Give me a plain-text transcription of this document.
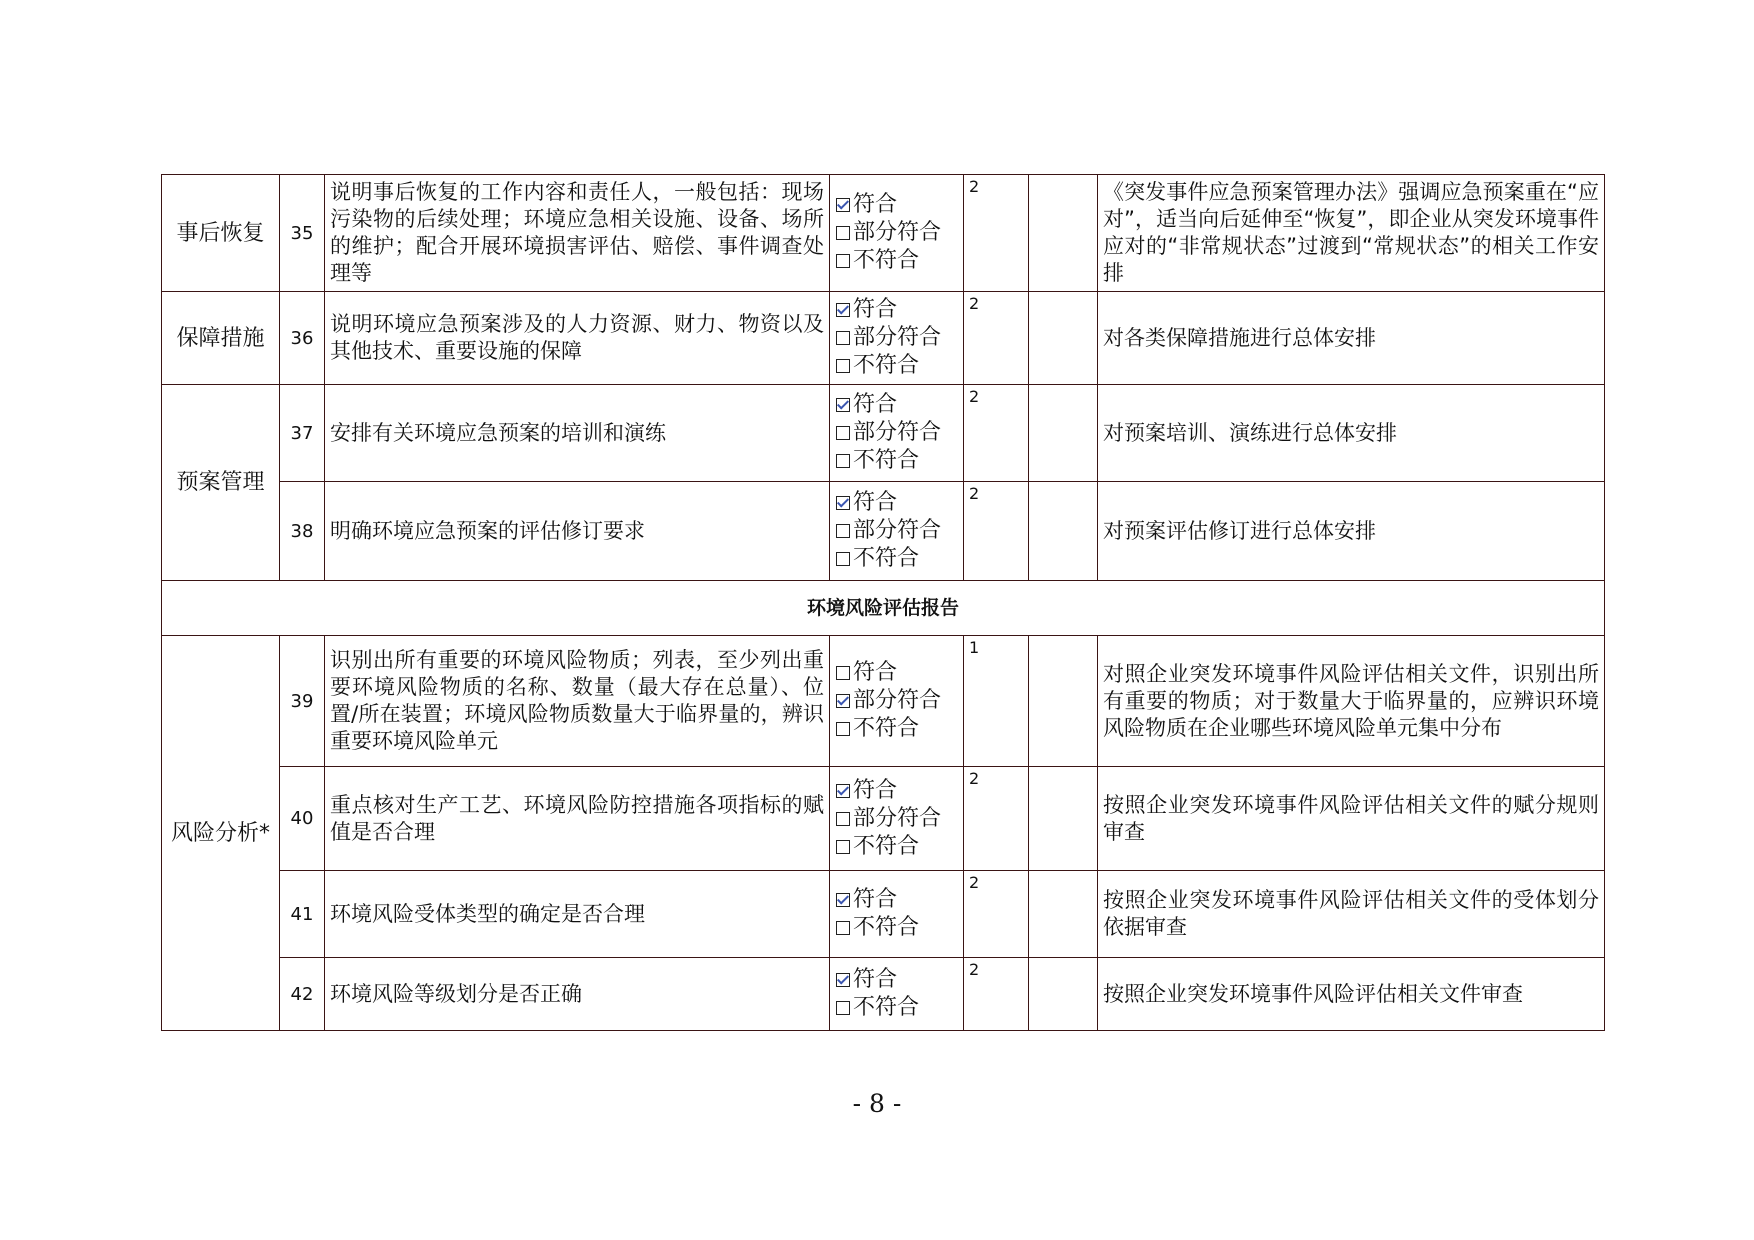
事后恢复	35	说明事后恢复的工作内容和责任人，一般包括：现场污染物的后续处理；环境应急相关设施、设备、场所的维护；配合开展环境损害评估、赔偿、事件调查处理等	符合
部分符合
不符合	2		《突发事件应急预案管理办法》强调应急预案重在“应对”，适当向后延伸至“恢复”，即企业从突发环境事件应对的“非常规状态”过渡到“常规状态”的相关工作安排
保障措施	36	说明环境应急预案涉及的人力资源、财力、物资以及其他技术、重要设施的保障	符合
部分符合
不符合	2		对各类保障措施进行总体安排
预案管理	37	安排有关环境应急预案的培训和演练	符合
部分符合
不符合	2		对预案培训、演练进行总体安排
	38	明确环境应急预案的评估修订要求	符合
部分符合
不符合	2		对预案评估修订进行总体安排
环境风险评估报告						
风险分析*	39	识别出所有重要的环境风险物质；列表，至少列出重要环境风险物质的名称、数量（最大存在总量）、位置/所在装置；环境风险物质数量大于临界量的，辨识重要环境风险单元	符合
部分符合
不符合	1		对照企业突发环境事件风险评估相关文件，识别出所有重要的物质；对于数量大于临界量的，应辨识环境风险物质在企业哪些环境风险单元集中分布
	40	重点核对生产工艺、环境风险防控措施各项指标的赋值是否合理	符合
部分符合
不符合	2		按照企业突发环境事件风险评估相关文件的赋分规则审查
	41	环境风险受体类型的确定是否合理	符合
不符合	2		按照企业突发环境事件风险评估相关文件的受体划分依据审查
	42	环境风险等级划分是否正确	符合
不符合	2		按照企业突发环境事件风险评估相关文件审查
- 8 -
